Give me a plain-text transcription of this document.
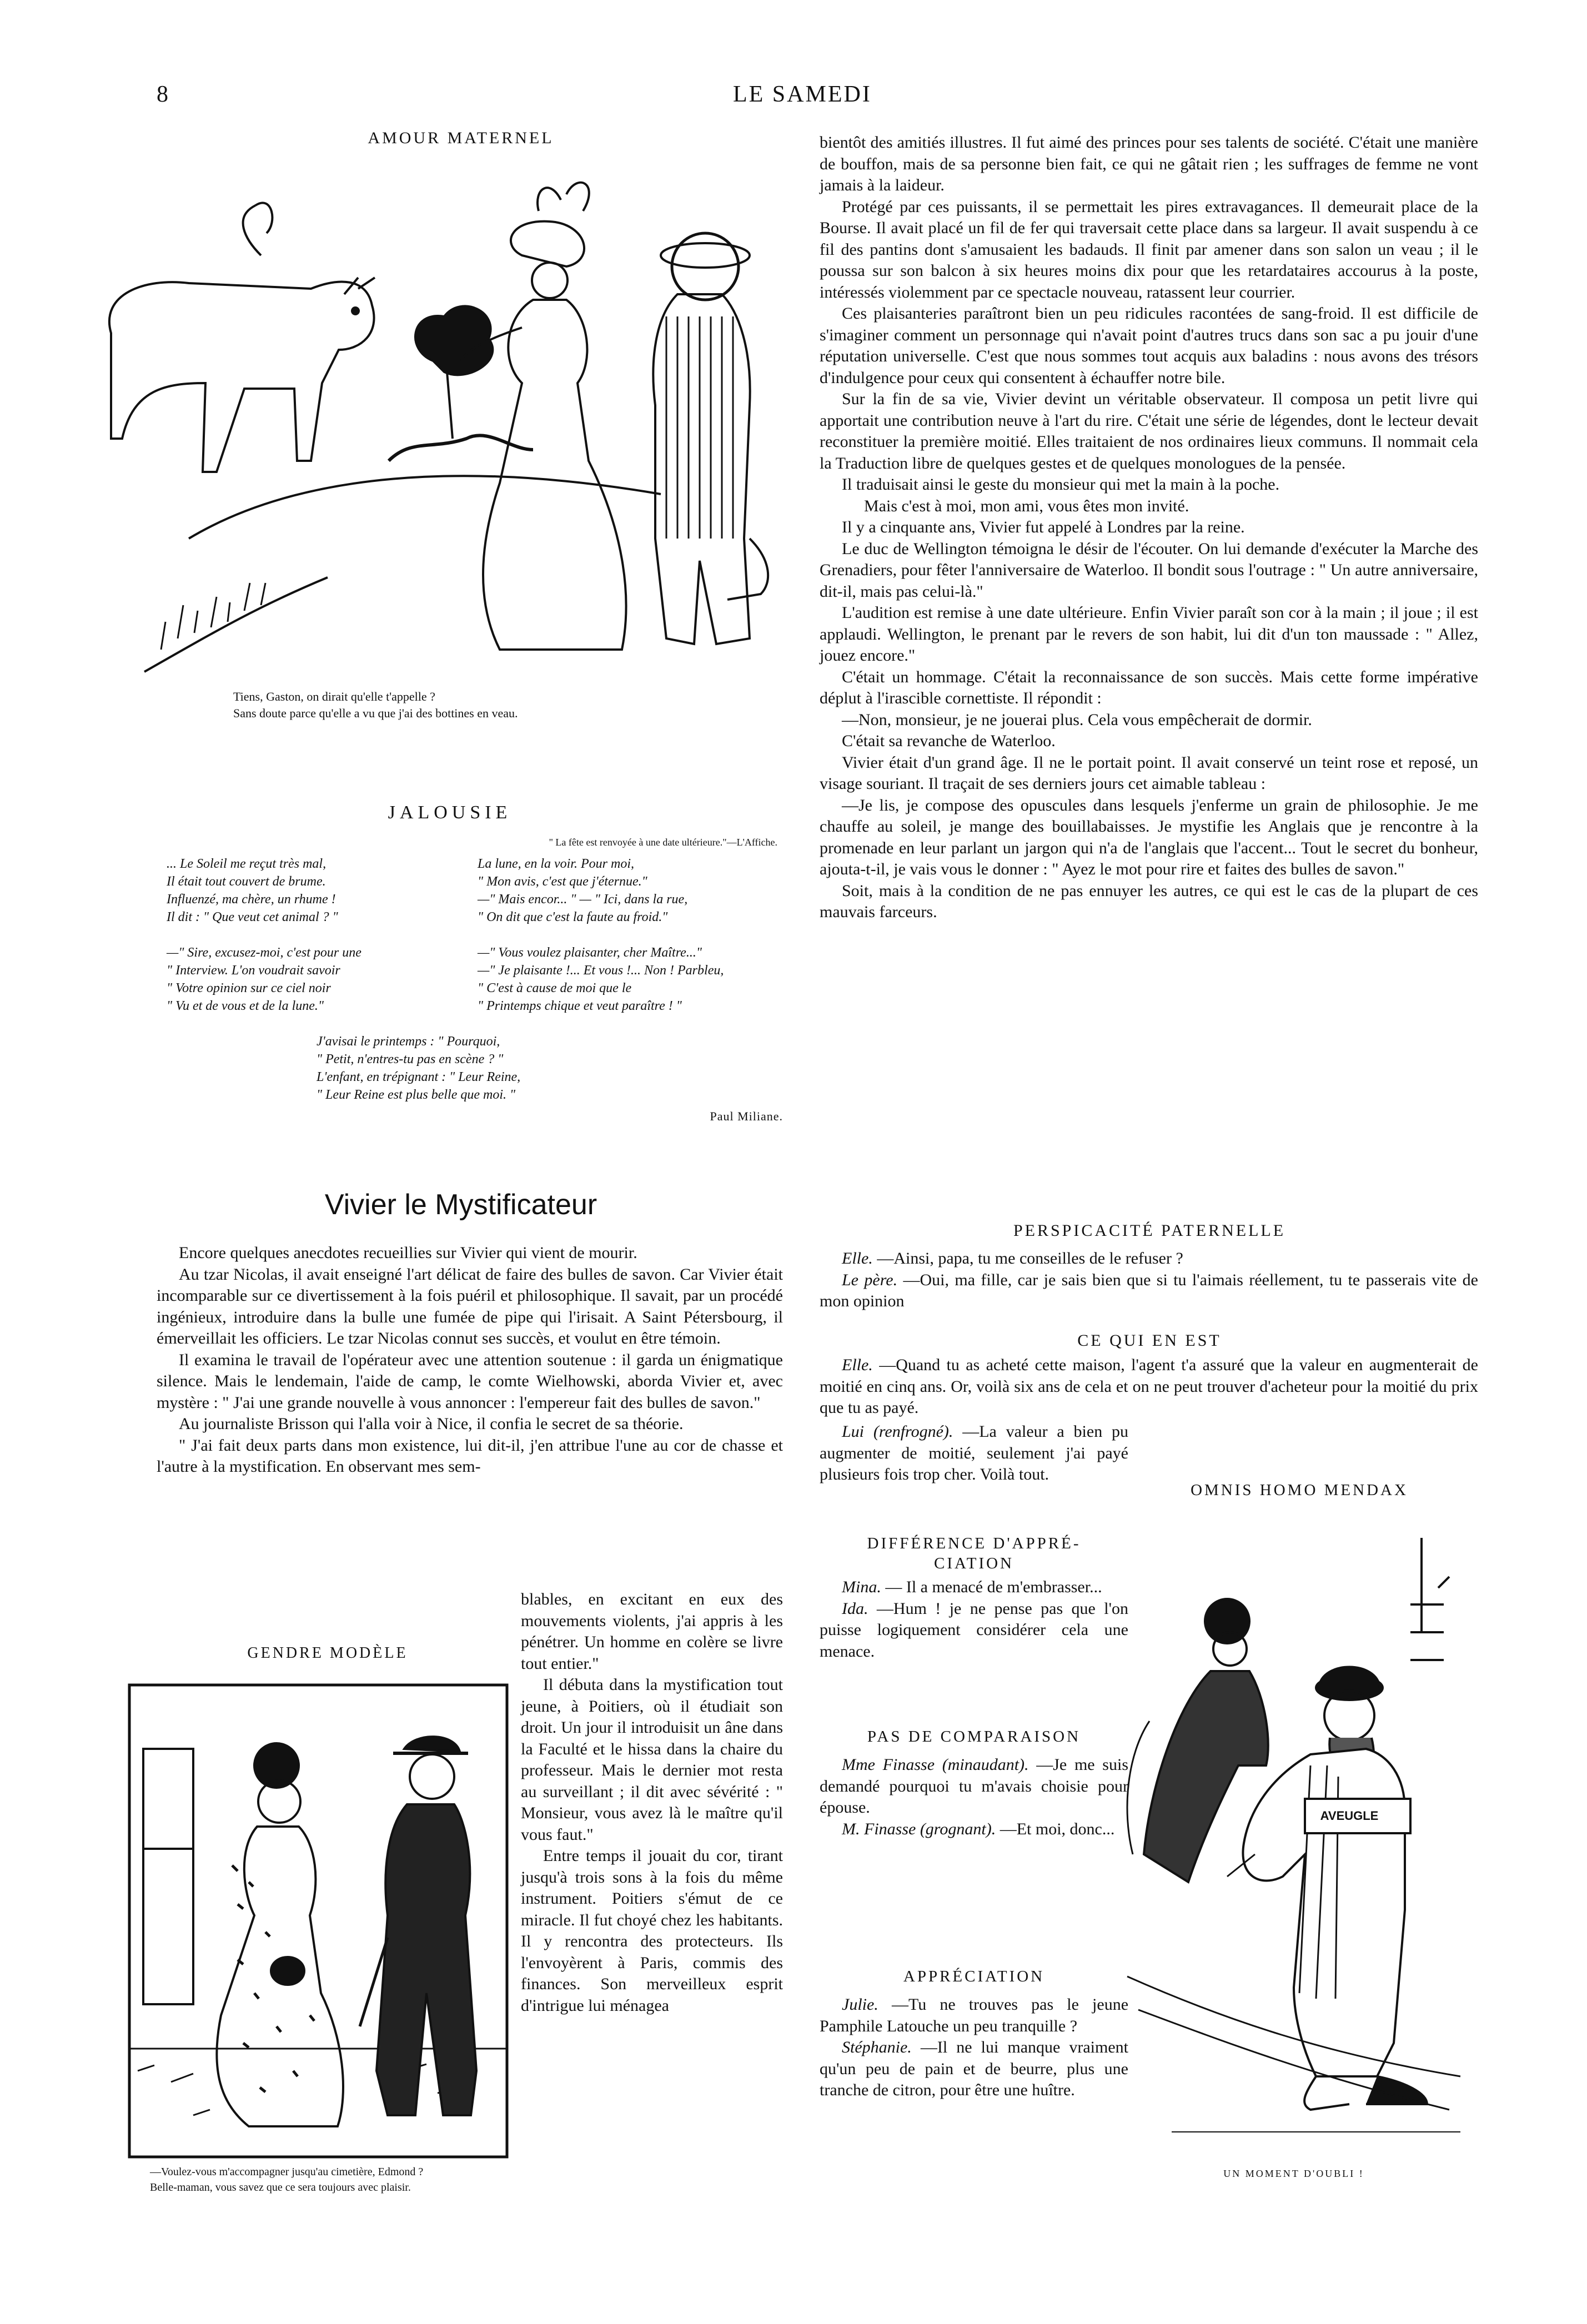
8	LE SAMEDI
AMOUR MATERNEL
Tiens, Gaston, on dirait qu'elle t'appelle ?
Sans doute parce qu'elle a vu que j'ai des bottines en veau.
JALOUSIE
" La fête est renvoyée à une date ultérieure."—L'Affiche.
... Le Soleil me reçut très mal,
Il était tout couvert de brume.
Influenzé, ma chère, un rhume !
Il dit : " Que veut cet animal ? "
La lune, en la voir. Pour moi,
" Mon avis, c'est que j'éternue."
—" Mais encor... " — " Ici, dans la rue,
" On dit que c'est la faute au froid."
—" Sire, excusez-moi, c'est pour une
" Interview. L'on voudrait savoir
" Votre opinion sur ce ciel noir
" Vu et de vous et de la lune."
—" Vous voulez plaisanter, cher Maître..."
—" Je plaisante !... Et vous !... Non ! Parbleu,
" C'est à cause de moi que le
" Printemps chique et veut paraître ! "
J'avisai le printemps : " Pourquoi,
" Petit, n'entres-tu pas en scène ? "
L'enfant, en trépignant : " Leur Reine,
" Leur Reine est plus belle que moi. "
Paul Miliane.
Vivier le Mystificateur

Encore quelques anecdotes recueillies sur Vivier qui vient de mourir.

Au tzar Nicolas, il avait enseigné l'art délicat de faire des bulles de savon. Car Vivier était incomparable sur ce divertissement à la fois puéril et philosophique. Il savait, par un procédé ingénieux, introduire dans la bulle une fumée de pipe qui l'irisait. A Saint Pétersbourg, il émerveillait les officiers. Le tzar Nicolas connut ses succès, et voulut en être témoin.

Il examina le travail de l'opérateur avec une attention soutenue : il garda un énigmatique silence. Mais le lendemain, l'aide de camp, le comte Wielhowski, aborda Vivier et, avec mystère : " J'ai une grande nouvelle à vous annoncer : l'empereur fait des bulles de savon."

Au journaliste Brisson qui l'alla voir à Nice, il confia le secret de sa théorie.

" J'ai fait deux parts dans mon existence, lui dit-il, j'en attribue l'une au cor de chasse et l'autre à la mystification. En observant mes sem-

blables, en excitant en eux des mouvements violents, j'ai appris à les pénétrer. Un homme en colère se livre tout entier."

Il débuta dans la mystification tout jeune, à Poitiers, où il étudiait son droit. Un jour il introduisit un âne dans la Faculté et le hissa dans la chaire du professeur. Mais le dernier mot resta au surveillant ; il dit avec sévérité : " Monsieur, vous avez là le maître qu'il vous faut."

Entre temps il jouait du cor, tirant jusqu'à trois sons à la fois du même instrument. Poitiers s'émut de ce miracle. Il fut choyé chez les habitants. Il y rencontra des protecteurs. Ils l'envoyèrent à Paris, commis des finances. Son merveilleux esprit d'intrigue lui ménagea

GENDRE MODÈLE
—Voulez-vous m'accompagner jusqu'au cimetière, Edmond ?
Belle-maman, vous savez que ce sera toujours avec plaisir.

bientôt des amitiés illustres. Il fut aimé des princes pour ses talents de société. C'était une manière de bouffon, mais de sa personne bien fait, ce qui ne gâtait rien ; les suffrages de femme ne vont jamais à la laideur.

Protégé par ces puissants, il se permettait les pires extravagances. Il demeurait place de la Bourse. Il avait placé un fil de fer qui traversait cette place dans sa largeur. Il avait suspendu à ce fil des pantins dont s'amusaient les badauds. Il finit par amener dans son salon un veau ; il le poussa sur son balcon à six heures moins dix pour que les retardataires accourus à la poste, intéressés violemment par ce spectacle nouveau, ratassent leur courrier.

Ces plaisanteries paraîtront bien un peu ridicules racontées de sang-froid. Il est difficile de s'imaginer comment un personnage qui n'avait point d'autres trucs dans son sac a pu jouir d'une réputation universelle. C'est que nous sommes tout acquis aux baladins : nous avons des trésors d'indulgence pour ceux qui consentent à échauffer notre bile.

Sur la fin de sa vie, Vivier devint un véritable observateur. Il composa un petit livre qui apportait une contribution neuve à l'art du rire. C'était une série de légendes, dont le lecteur devait reconstituer la première moitié. Elles traitaient de nos ordinaires lieux communs. Il nommait cela la Traduction libre de quelques gestes et de quelques monologues de la pensée.

Il traduisait ainsi le geste du monsieur qui met la main à la poche.

Mais c'est à moi, mon ami, vous êtes mon invité.

Il y a cinquante ans, Vivier fut appelé à Londres par la reine.

Le duc de Wellington témoigna le désir de l'écouter. On lui demande d'exécuter la Marche des Grenadiers, pour fêter l'anniversaire de Waterloo. Il bondit sous l'outrage : " Un autre anniversaire, dit-il, mais pas celui-là."

L'audition est remise à une date ultérieure. Enfin Vivier paraît son cor à la main ; il joue ; il est applaudi. Wellington, le prenant par le revers de son habit, lui dit d'un ton maussade : " Allez, jouez encore."

C'était un hommage. C'était la reconnaissance de son succès. Mais cette forme impérative déplut à l'irascible cornettiste. Il répondit :

—Non, monsieur, je ne jouerai plus. Cela vous empêcherait de dormir.

C'était sa revanche de Waterloo.

Vivier était d'un grand âge. Il ne le portait point. Il avait conservé un teint rose et reposé, un visage souriant. Il traçait de ses derniers jours cet aimable tableau :

—Je lis, je compose des opuscules dans lesquels j'enferme un grain de philosophie. Je me chauffe au soleil, je mange des bouillabaisses. Je mystifie les Anglais que je rencontre à la promenade en leur parlant un jargon qui n'a de l'anglais que l'accent... Tout le secret du bonheur, ajouta-t-il, je vais vous le donner : " Ayez le mot pour rire et faites des bulles de savon."

Soit, mais à la condition de ne pas ennuyer les autres, ce qui est le cas de la plupart de ces mauvais farceurs.

PERSPICACITÉ PATERNELLE

Elle. —Ainsi, papa, tu me conseilles de le refuser ?

Le père. —Oui, ma fille, car je sais bien que si tu l'aimais réellement, tu te passerais vite de mon opinion

CE QUI EN EST

Elle. —Quand tu as acheté cette maison, l'agent t'a assuré que la valeur en augmenterait de moitié en cinq ans. Or, voilà six ans de cela et on ne peut trouver d'acheteur pour la moitié du prix que tu as payé.

Lui (renfrogné). —La valeur a bien pu augmenter de moitié, seulement j'ai payé plusieurs fois trop cher. Voilà tout.

DIFFÉRENCE D'APPRÉ-
CIATION

Mina. — Il a menacé de m'embrasser...

Ida. —Hum ! je ne pense pas que l'on puisse logiquement considérer cela une menace.

PAS DE COMPARAISON

Mme Finasse (minaudant). —Je me suis demandé pourquoi tu m'avais choisie pour épouse.

M. Finasse (grognant). —Et moi, donc...

APPRÉCIATION

Julie. —Tu ne trouves pas le jeune Pamphile Latouche un peu tranquille ?

Stéphanie. —Il ne lui manque vraiment qu'un peu de pain et de beurre, plus une tranche de citron, pour être une huître.

OMNIS HOMO MENDAX
AVEUGLE
UN MOMENT D'OUBLI !
